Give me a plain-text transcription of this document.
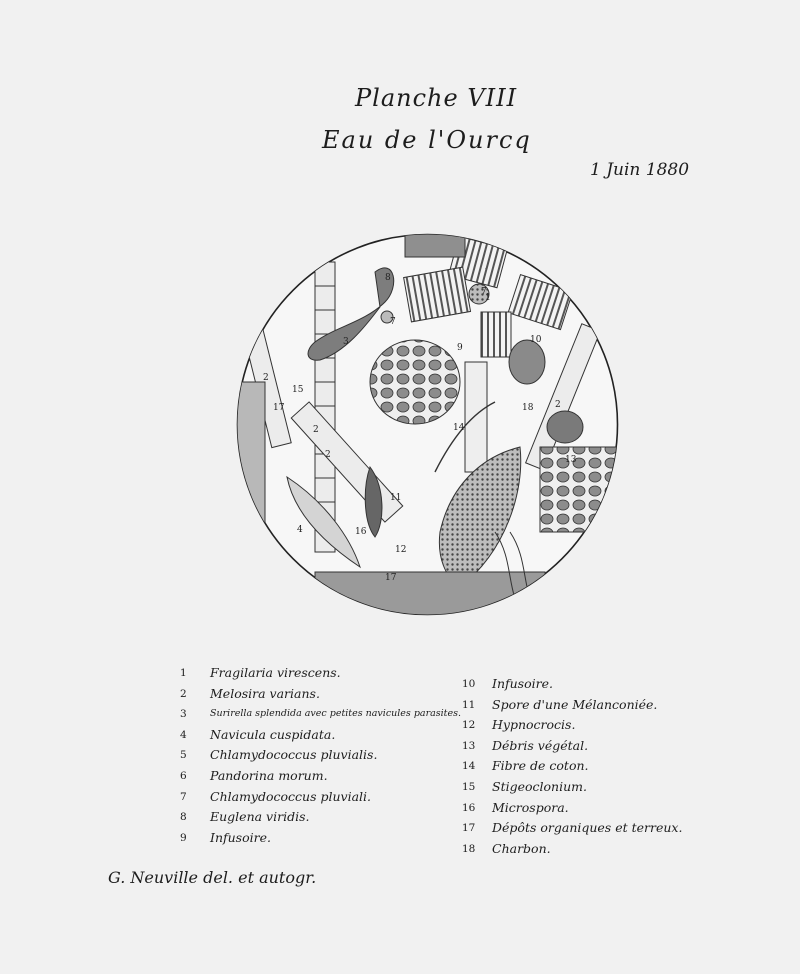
Planche VIII
Eau de l'Ourcq
1 Juin 1880
8
7
1
7
9
10
2
15
2
3
17
2
14
18 2
13
4	16
11
12
17
1	Fragilaria virescens.
2	Melosira varians.
3	Surirella splendida avec petites navicules parasites.
4	Navicula cuspidata.
5	Chlamydococcus pluvialis.
6	Pandorina morum.
7	Chlamydococcus pluviali.
8	Euglena viridis.
9	Infusoire.
10	Infusoire.
11	Spore d'une Mélanconiée.
12	Hypnocrocis.
13	Débris végétal.
14	Fibre de coton.
15	Stigeoclonium.
16	Microspora.
17	Dépôts organiques et terreux.
18	Charbon.
G. Neuville del. et autogr.
